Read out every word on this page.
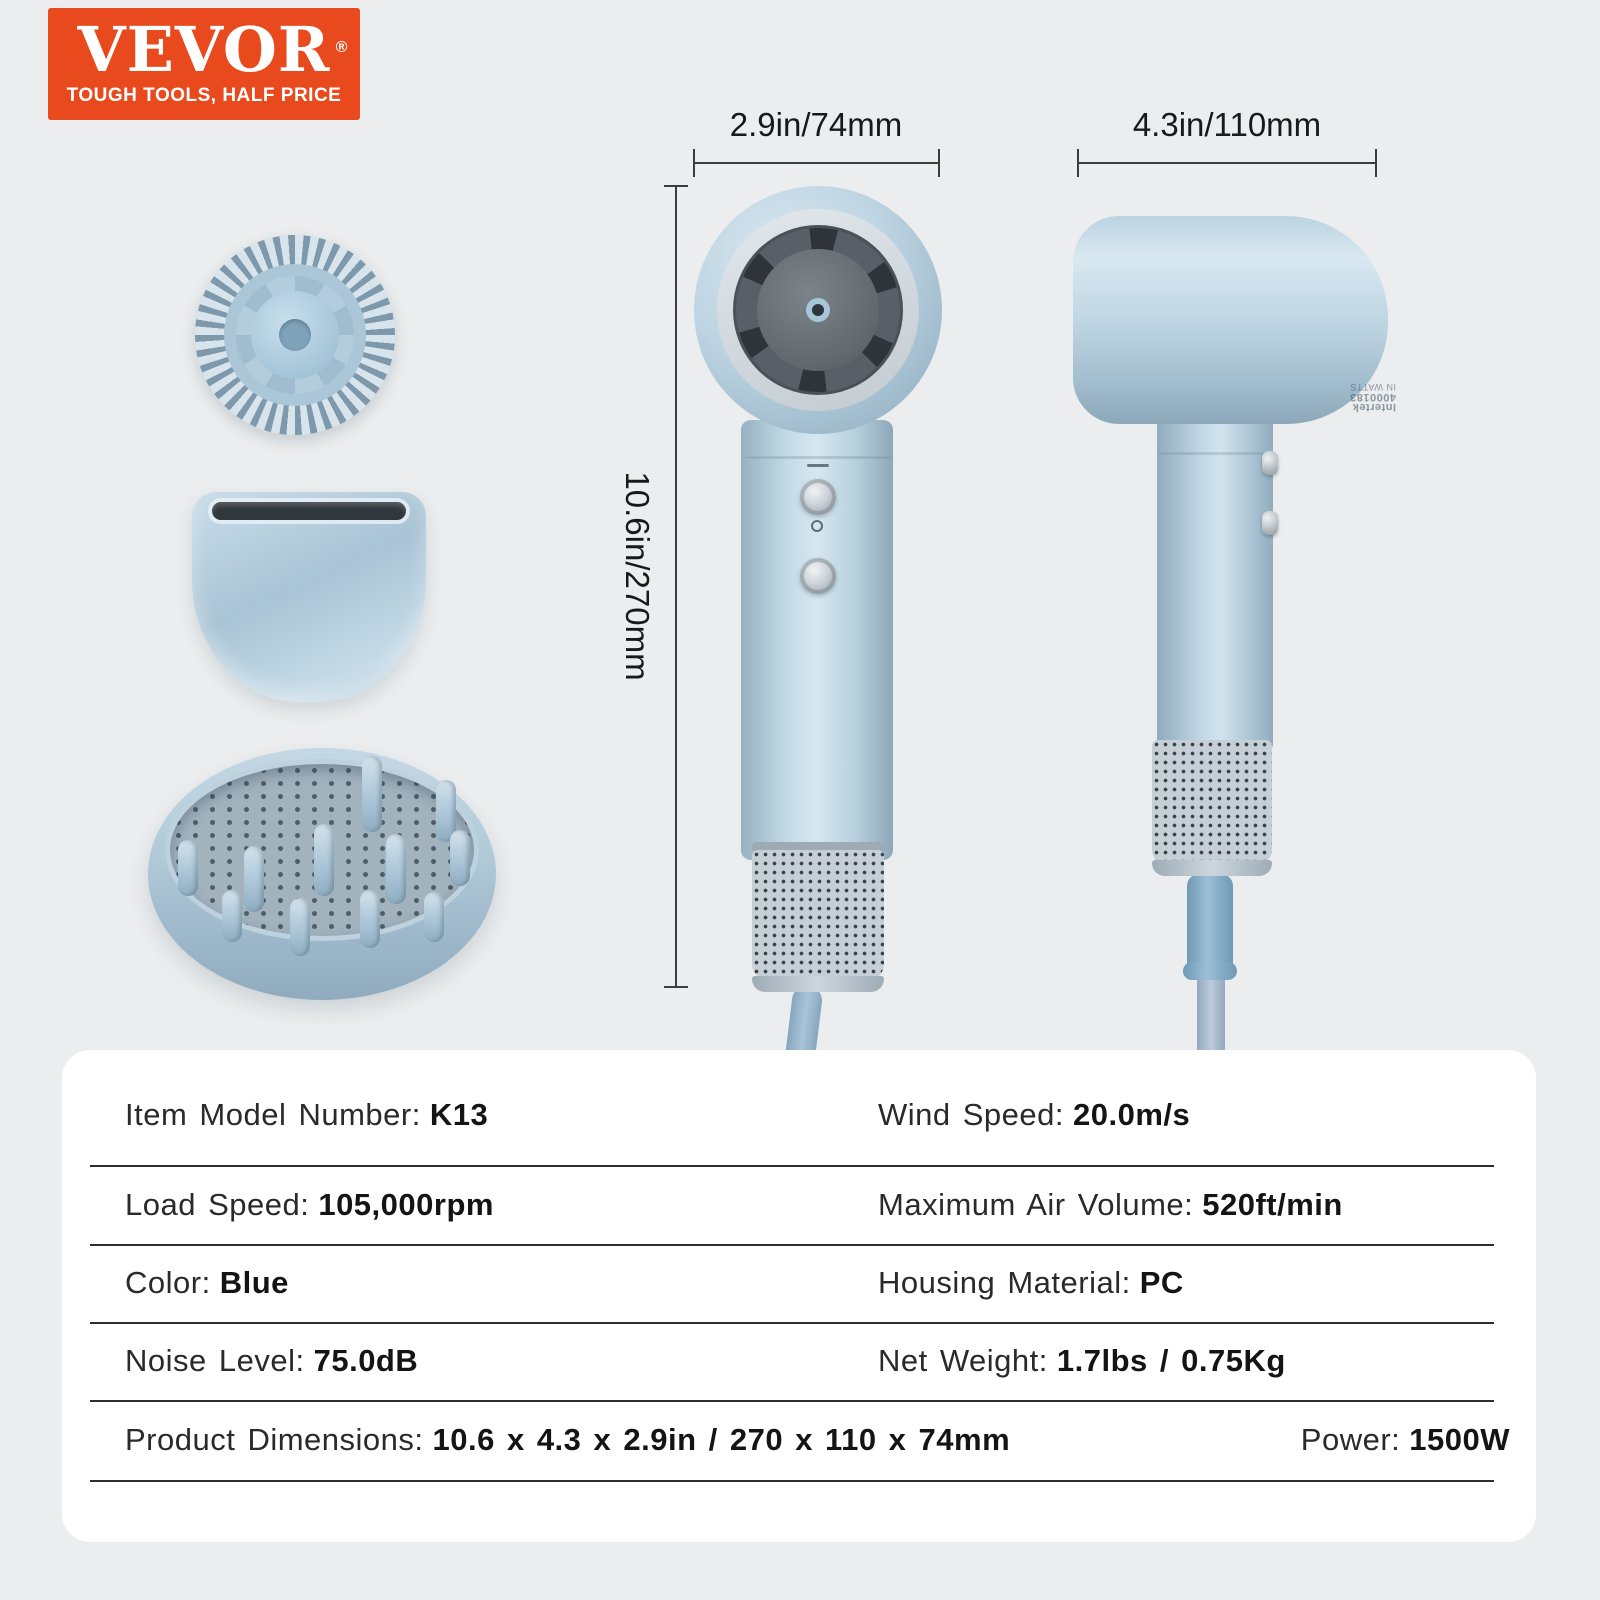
VEVOR ®
TOUGH TOOLS, HALF PRICE
2.9in/74mm	4.3in/110mm
10.6in/270mm
Intertek
4000183
IN WATTS
Item Model Number: K13	Wind Speed: 20.0m/s
Load Speed: 105,000rpm	Maximum Air Volume: 520ft/min
Color: Blue	Housing Material: PC
Noise Level: 75.0dB	Net Weight: 1.7lbs / 0.75Kg
Product Dimensions: 10.6 x 4.3 x 2.9in / 270 x 110 x 74mm	Power: 1500W
